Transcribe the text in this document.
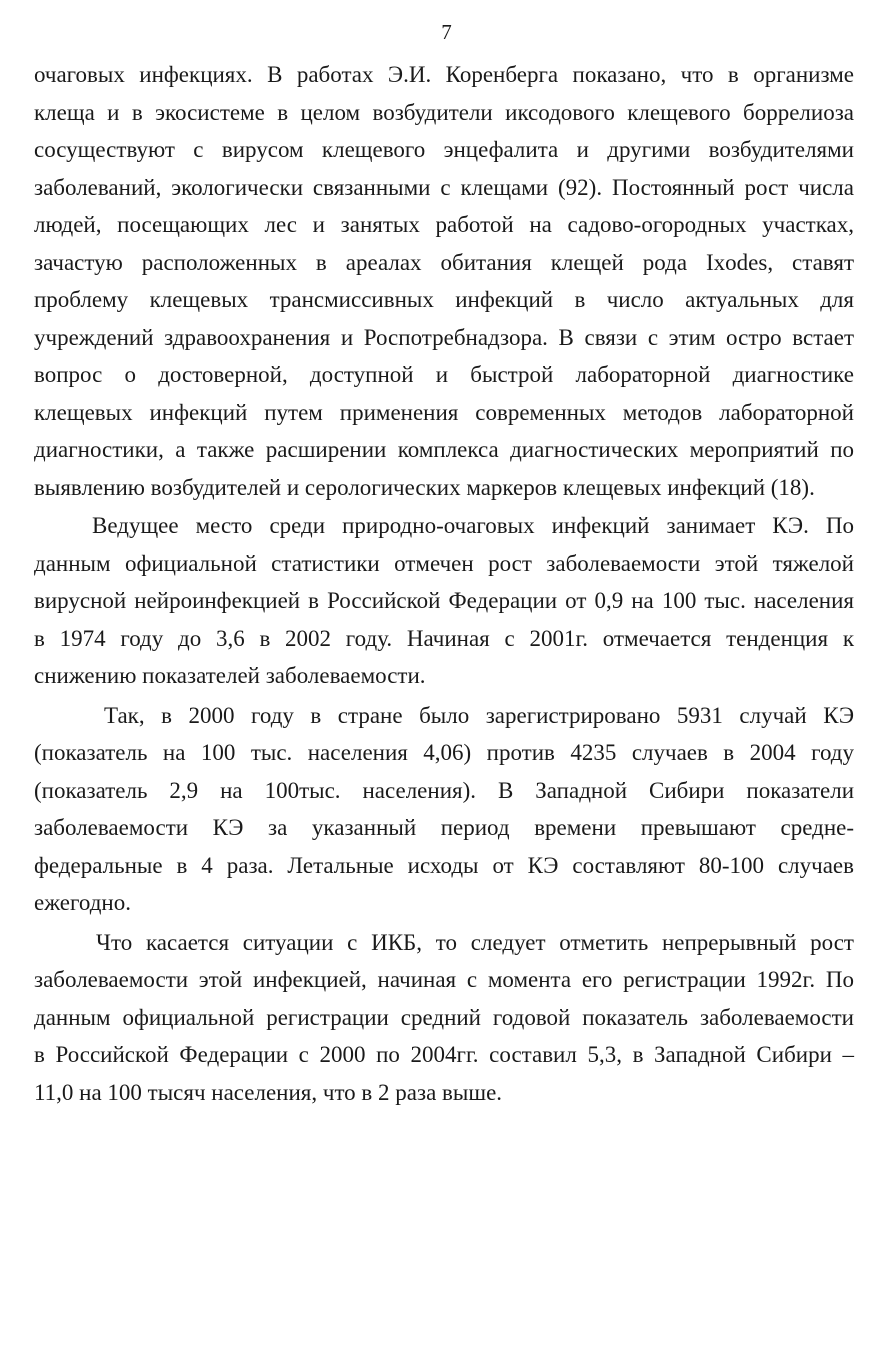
7
очаговых инфекциях. В работах Э.И. Коренберга показано, что в организме
клеща и в экосистеме в целом возбудители иксодового клещевого боррелиоза
сосуществуют с вирусом клещевого энцефалита и другими возбудителями
заболеваний, экологически связанными с клещами (92). Постоянный рост числа
людей, посещающих лес и занятых работой на садово-огородных участках,
зачастую расположенных в ареалах обитания клещей рода Ixodes, ставят
проблему клещевых трансмиссивных инфекций в число актуальных для
учреждений здравоохранения и Роспотребнадзора. В связи с этим остро встает
вопрос о достоверной, доступной и быстрой лабораторной диагностике
клещевых инфекций путем применения современных методов лабораторной
диагностики, а также расширении комплекса диагностических мероприятий по
выявлению возбудителей и серологических маркеров клещевых инфекций (18).
Ведущее место среди природно-очаговых инфекций занимает КЭ. По
данным официальной статистики отмечен рост заболеваемости этой тяжелой
вирусной нейроинфекцией в Российской Федерации от 0,9 на 100 тыс. населения
в 1974 году до 3,6 в 2002 году. Начиная с 2001г. отмечается тенденция к
снижению показателей заболеваемости.
Так, в 2000 году в стране было зарегистрировано 5931 случай КЭ
(показатель на 100 тыс. населения 4,06) против 4235 случаев в 2004 году
(показатель 2,9 на 100тыс. населения). В Западной Сибири показатели
заболеваемости КЭ за указанный период времени превышают средне-
федеральные в 4 раза. Летальные исходы от КЭ составляют 80-100 случаев
ежегодно.
Что касается ситуации с ИКБ, то следует отметить непрерывный рост
заболеваемости этой инфекцией, начиная с момента его регистрации 1992г. По
данным официальной регистрации средний годовой показатель заболеваемости
в Российской Федерации с 2000 по 2004гг. составил 5,3, в Западной Сибири –
11,0 на 100 тысяч населения, что в 2 раза выше.
